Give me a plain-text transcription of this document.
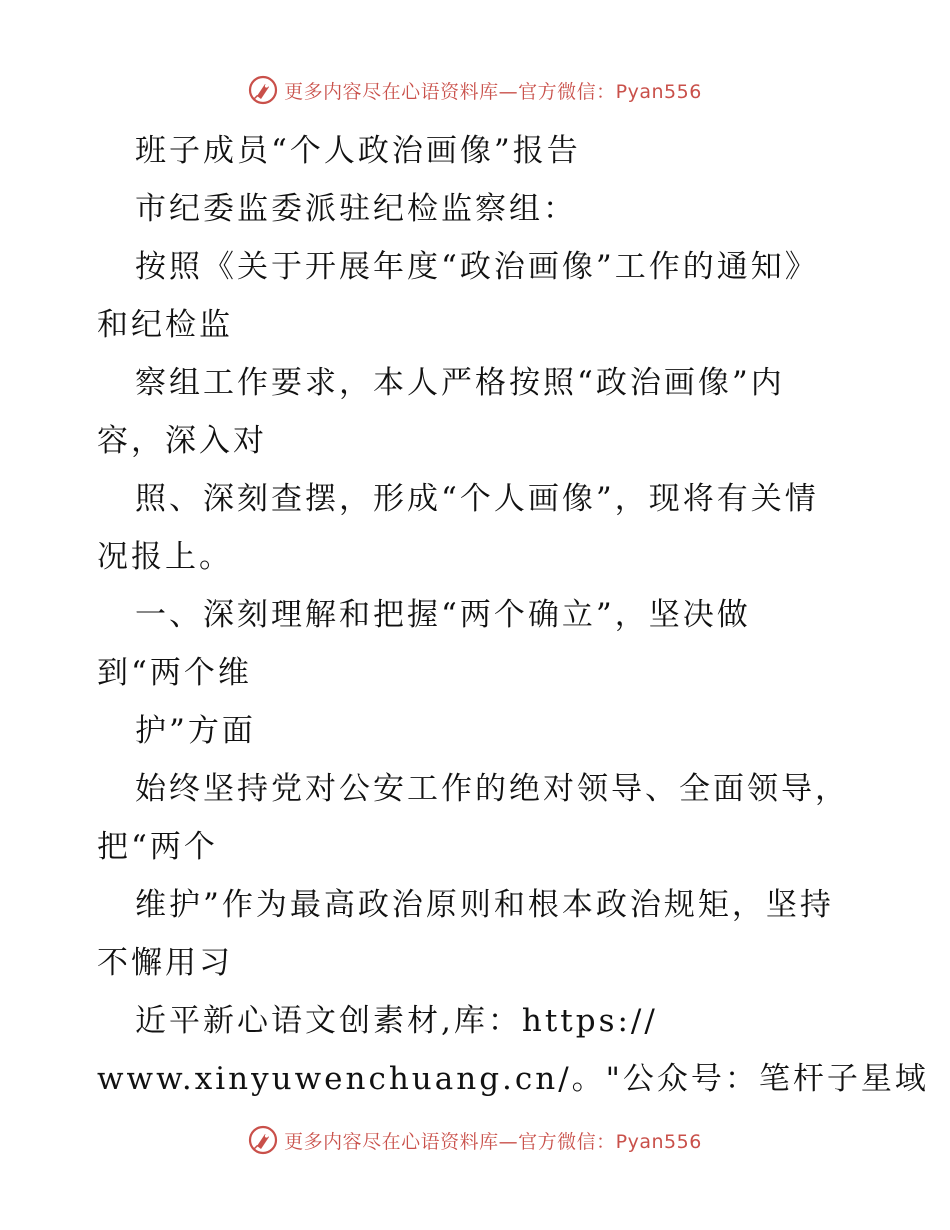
更多内容尽在心语资料库—官方微信：Pyan556
班子成员“个人政治画像”报告
市纪委监委派驻纪检监察组：
按照《关于开展年度“政治画像”工作的通知》
和纪检监
察组工作要求，本人严格按照“政治画像”内
容，深入对
照、深刻查摆，形成“个人画像”，现将有关情
况报上。
一、深刻理解和把握“两个确立”，坚决做
到“两个维
护”方面
始终坚持党对公安工作的绝对领导、全面领导，
把“两个
维护”作为最高政治原则和根本政治规矩，坚持
不懈用习
近平新心语文创素材,库：https://
www.xinyuwenchuang.cn/。"公众号：笔杆子星域
更多内容尽在心语资料库—官方微信：Pyan556
